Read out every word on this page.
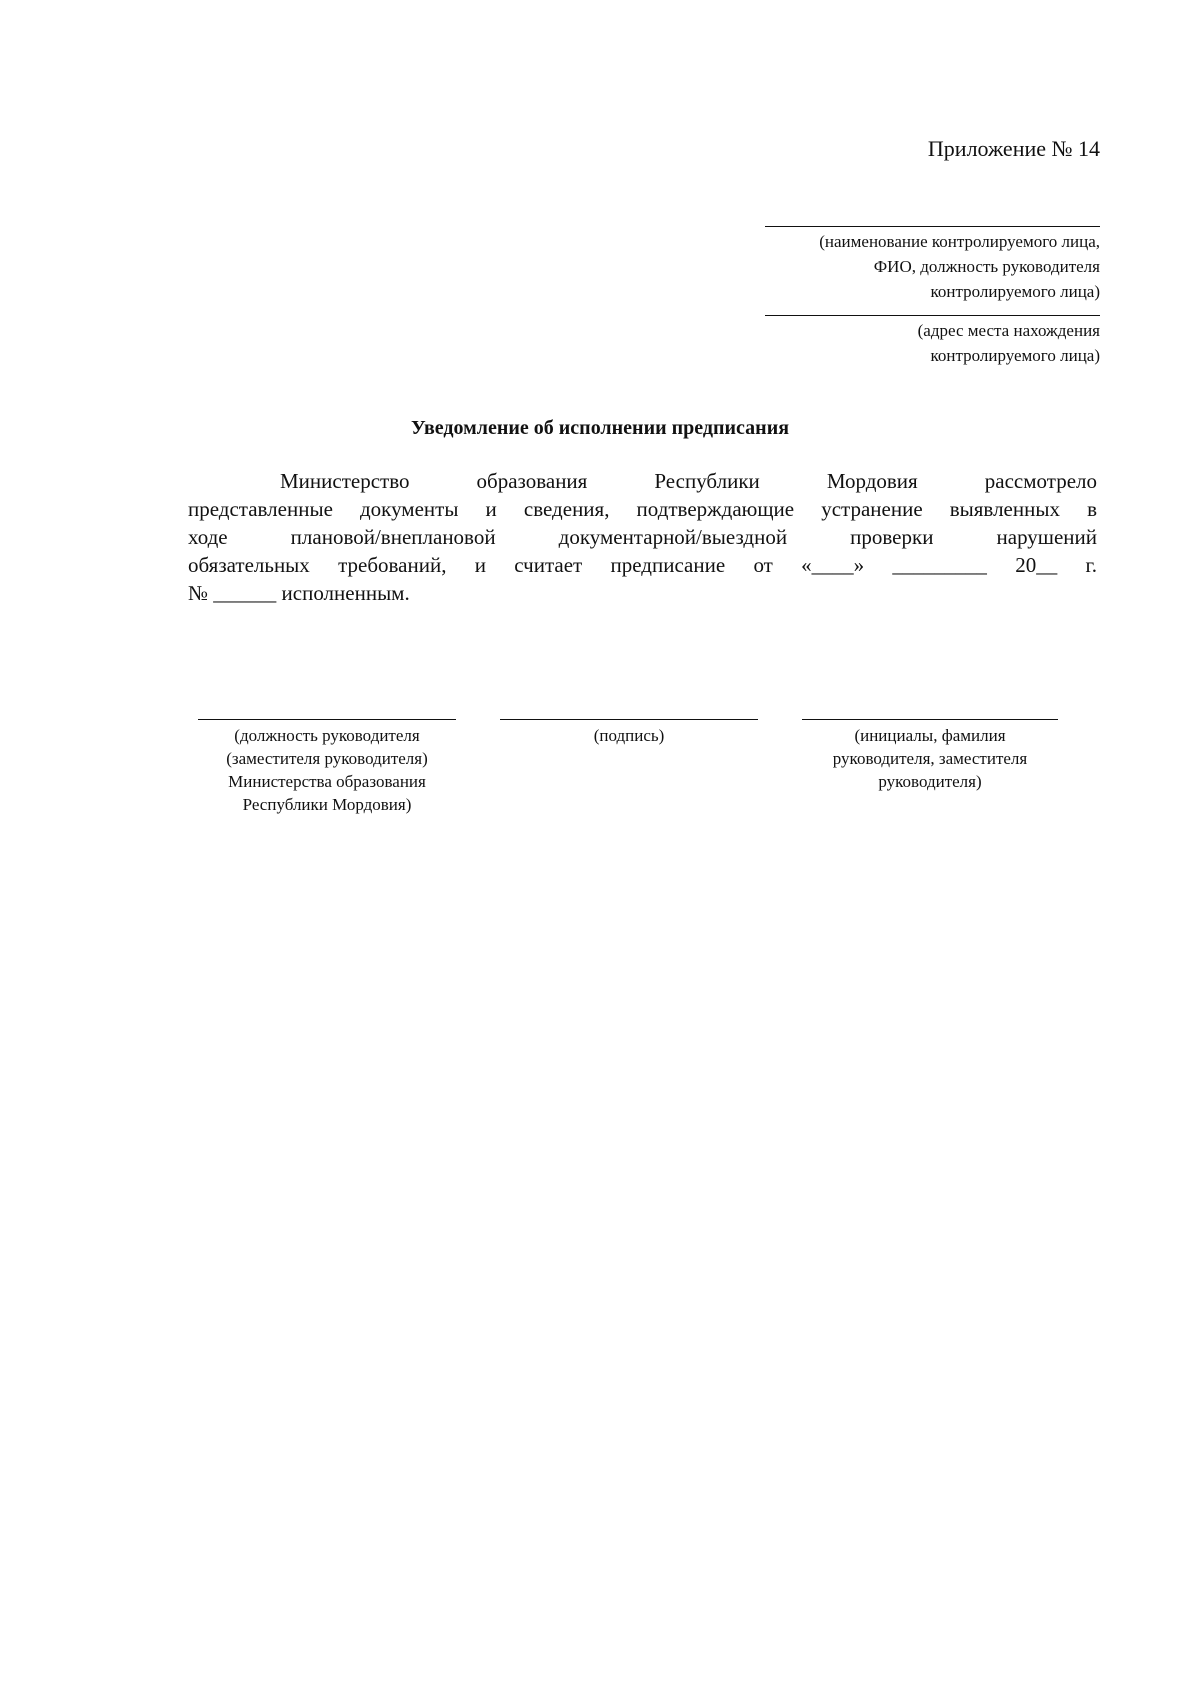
Приложение № 14
(наименование контролируемого лица,
ФИО, должность руководителя
контролируемого лица)
(адрес места нахождения
контролируемого лица)
Уведомление об исполнении предписания
Министерство образования Республики Мордовия рассмотрело
представленные документы и сведения, подтверждающие устранение выявленных в
ходе плановой/внеплановой документарной/выездной проверки нарушений
обязательных требований, и считает предписание от «____» _________ 20__ г.
№ ______ исполненным.
(должность руководителя
(заместителя руководителя)
Министерства образования
Республики Мордовия)
(подпись)	(инициалы, фамилия
руководителя, заместителя
руководителя)
